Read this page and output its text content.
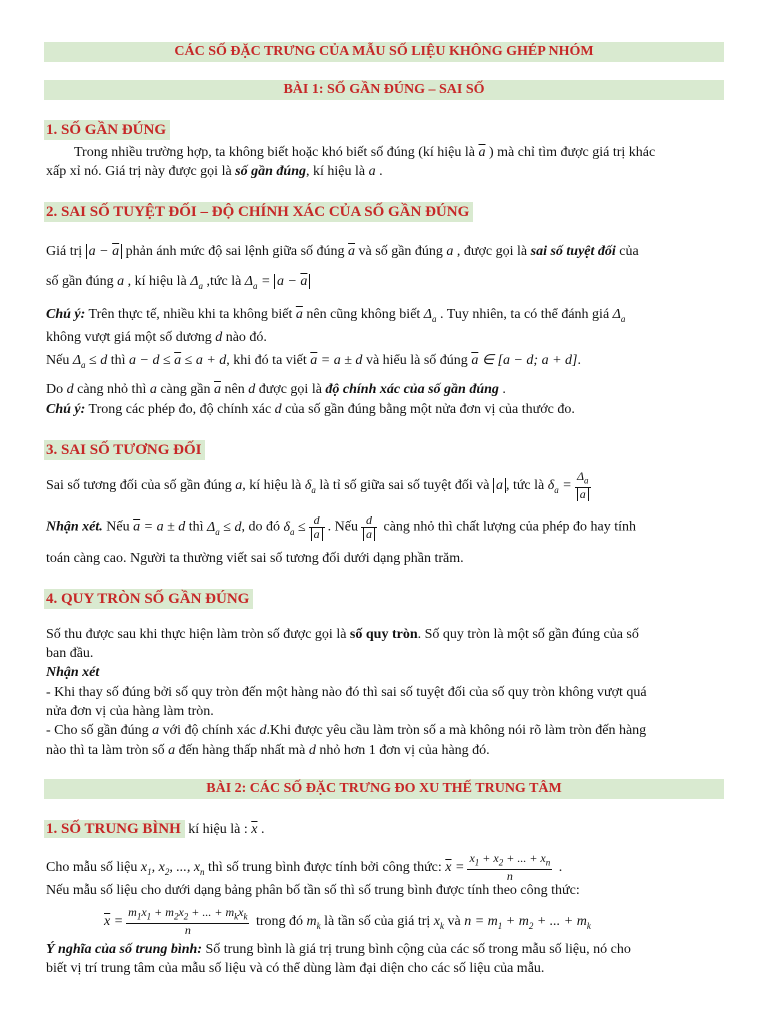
CÁC SỐ ĐẶC TRƯNG CỦA MẪU SỐ LIỆU KHÔNG GHÉP NHÓM
BÀI 1: SỐ GẦN ĐÚNG – SAI SỐ
1. SỐ GẦN ĐÚNG
Trong nhiều trường hợp, ta không biết hoặc khó biết số đúng (kí hiệu là $\overline{a}$ ) mà chỉ tìm được giá trị khác
xấp xỉ nó. Giá trị này được gọi là số gần đúng, kí hiệu là a .
2. SAI SỐ TUYỆT ĐỐI – ĐỘ CHÍNH XÁC CỦA SỐ GẦN ĐÚNG
Giá trị $a - \overline{a}$ phản ánh mức độ sai lệnh giữa số đúng $\overline{a}$ và số gần đúng a , được gọi là sai số tuyệt đối của
số gần đúng a , kí hiệu là $\Delta_a$ ,tức là $\Delta_a = a - \overline{a}$
Chú ý: Trên thực tế, nhiều khi ta không biết $\overline{a}$ nên cũng không biết $\Delta_a$ . Tuy nhiên, ta có thể đánh giá $\Delta_a$
không vượt giá một số dương d nào đó.
Nếu $\Delta_a \le d$ thì $a - d \le \overline{a} \le a + d$, khi đó ta viết $\overline{a} = a \pm d$ và hiểu là số đúng $\overline{a}$ ∈ [a − d; a + d].
Do d càng nhỏ thì a càng gần $\overline{a}$ nên d được gọi là độ chính xác của số gần đúng .
Chú ý: Trong các phép đo, độ chính xác d của số gần đúng bằng một nửa đơn vị của thước đo.
3. SAI SỐ TƯƠNG ĐỐI
Sai số tương đối của số gần đúng a, kí hiệu là $\delta_a$ là tỉ số giữa sai số tuyệt đối và a , tức là $\delta_a = \frac{\Delta_a}{a}$
Nhận xét. Nếu $\overline{a} = a \pm d$ thì $\Delta_a \le d$, do đó $\delta_a \le \frac{d}{a}$ . Nếu $\frac{d}{a}$ càng nhỏ thì chất lượng của phép đo hay tính
toán càng cao. Người ta thường viết sai số tương đối dưới dạng phần trăm.
4. QUY TRÒN SỐ GẦN ĐÚNG
Số thu được sau khi thực hiện làm tròn số được gọi là số quy tròn. Số quy tròn là một số gần đúng của số
ban đầu.
Nhận xét
- Khi thay số đúng bởi số quy tròn đến một hàng nào đó thì sai số tuyệt đối của số quy tròn không vượt quá
nửa đơn vị của hàng làm tròn.
- Cho số gần đúng a với độ chính xác d.Khi được yêu cầu làm tròn số a mà không nói rõ làm tròn đến hàng
nào thì ta làm tròn số a đến hàng thấp nhất mà d nhỏ hơn 1 đơn vị của hàng đó.
BÀI 2: CÁC SỐ ĐẶC TRƯNG ĐO XU THẾ TRUNG TÂM
1. SỐ TRUNG BÌNH kí hiệu là : $\overline{x}$ .
Cho mẫu số liệu $x_1$, $x_2$, ..., $x_n$ thì số trung bình được tính bởi công thức: $\overline{x} = \frac{x_1 + x_2 + ... + x_n}{n}$ .
Nếu mẫu số liệu cho dưới dạng bảng phân bố tần số thì số trung bình được tính theo công thức:
$\overline{x} = \frac{m_1x_1 + m_2x_2 + ... + m_kx_k}{n}$ trong đó $m_k$ là tần số của giá trị $x_k$ và $n = m_1 + m_2$ + ... + $m_k$
Ý nghĩa của số trung bình: Số trung bình là giá trị trung bình cộng của các số trong mẫu số liệu, nó cho
biết vị trí trung tâm của mẫu số liệu và có thể dùng làm đại diện cho các số liệu của mẫu.
